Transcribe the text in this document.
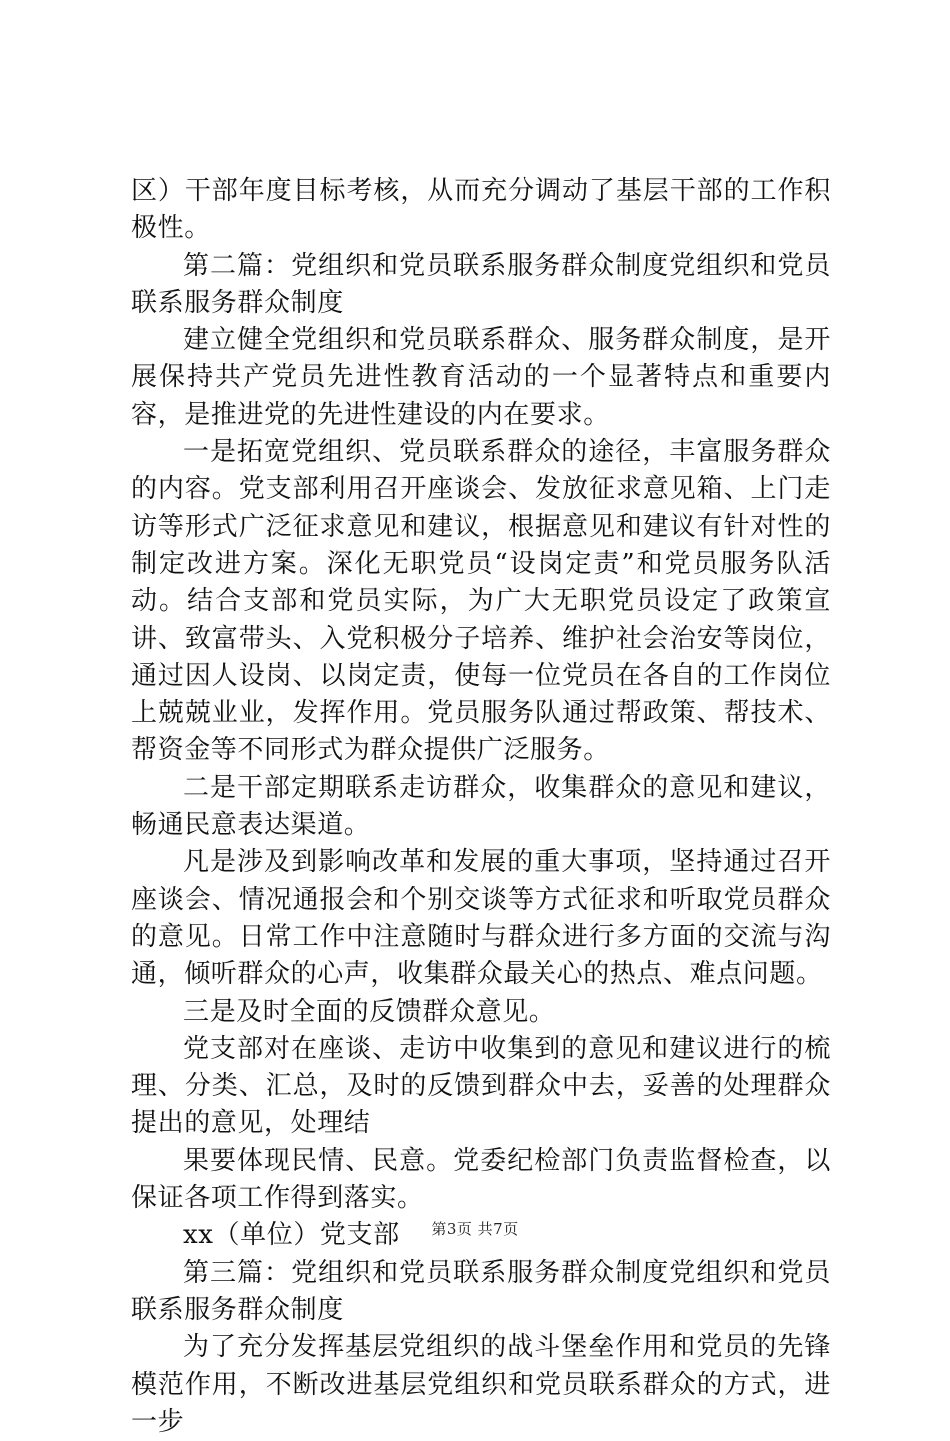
区）干部年度目标考核，从而充分调动了基层干部的工作积极性。

第二篇：党组织和党员联系服务群众制度党组织和党员联系服务群众制度

建立健全党组织和党员联系群众、服务群众制度，是开展保持共产党员先进性教育活动的一个显著特点和重要内容，是推进党的先进性建设的内在要求。

一是拓宽党组织、党员联系群众的途径，丰富服务群众的内容。党支部利用召开座谈会、发放征求意见箱、上门走访等形式广泛征求意见和建议，根据意见和建议有针对性的制定改进方案。深化无职党员“设岗定责”和党员服务队活动。结合支部和党员实际，为广大无职党员设定了政策宣讲、致富带头、入党积极分子培养、维护社会治安等岗位，通过因人设岗、以岗定责，使每一位党员在各自的工作岗位上兢兢业业，发挥作用。党员服务队通过帮政策、帮技术、帮资金等不同形式为群众提供广泛服务。

二是干部定期联系走访群众，收集群众的意见和建议，畅通民意表达渠道。

凡是涉及到影响改革和发展的重大事项，坚持通过召开座谈会、情况通报会和个别交谈等方式征求和听取党员群众的意见。日常工作中注意随时与群众进行多方面的交流与沟通，倾听群众的心声，收集群众最关心的热点、难点问题。

三是及时全面的反馈群众意见。

党支部对在座谈、走访中收集到的意见和建议进行的梳理、分类、汇总，及时的反馈到群众中去，妥善的处理群众提出的意见，处理结

果要体现民情、民意。党委纪检部门负责监督检查，以保证各项工作得到落实。

xx（单位）党支部

第三篇：党组织和党员联系服务群众制度党组织和党员联系服务群众制度

为了充分发挥基层党组织的战斗堡垒作用和党员的先锋模范作用，不断改进基层党组织和党员联系群众的方式，进一步

第3页 共7页
